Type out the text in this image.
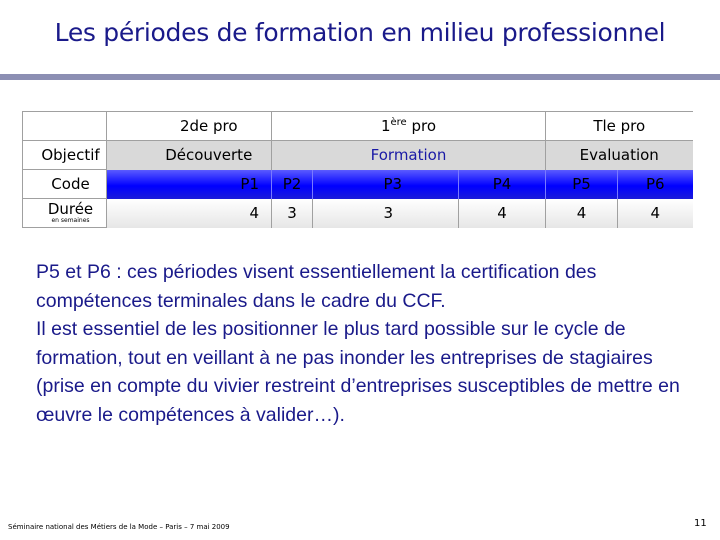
Les périodes de formation en milieu professionnel
		2de pro	1ère pro				Tle pro	
Objectif		Découverte	Formation				Evaluation	
Code		P1	P2		P3	P4	P5	P6
Durée
en semaines		4	3		3	4	4	4

P5 et P6 : ces périodes visent essentiellement la certification des compétences terminales dans le cadre du CCF.

Il est essentiel de les positionner le plus tard possible sur le cycle de formation, tout en veillant à ne pas inonder les entreprises de stagiaires (prise en compte du vivier restreint d’entreprises susceptibles de mettre en œuvre le compétences à valider…).

Séminaire national des Métiers de la Mode – Paris – 7 mai 2009	11
